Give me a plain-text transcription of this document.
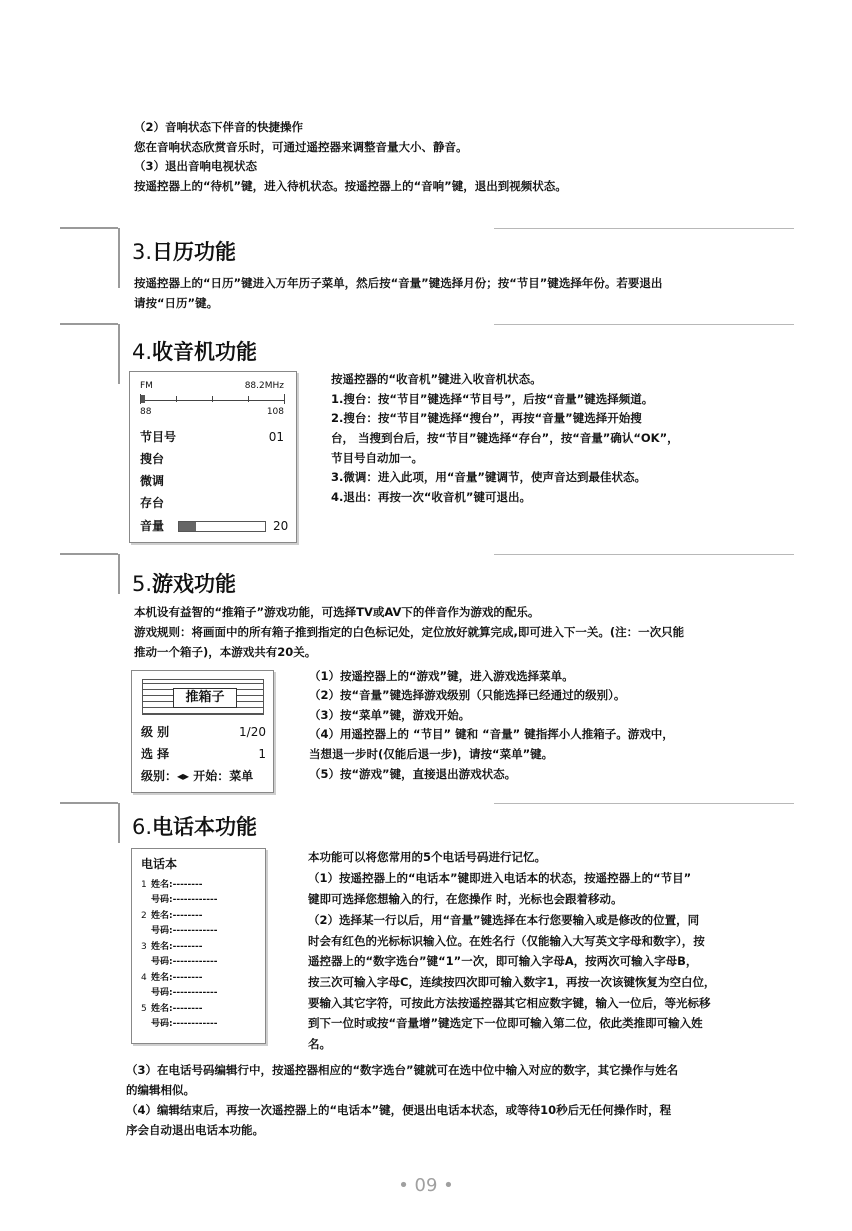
（2）音响状态下伴音的快捷操作
您在音响状态欣赏音乐时，可通过遥控器来调整音量大小、静音。
（3）退出音响电视状态
按遥控器上的“待机”键，进入待机状态。按遥控器上的“音响”键，退出到视频状态。
3.日历功能
按遥控器上的“日历”键进入万年历子菜单，然后按“音量”键选择月份；按“节目”键选择年份。若要退出
请按“日历”键。
4.收音机功能
FM	88.2MHz
88	108
节目号	01
搜台
微调
存台
音量	20
按遥控器的“收音机”键进入收音机状态。
1.搜台：按“节目”键选择“节目号”，后按“音量”键选择频道。
2.搜台：按“节目”键选择“搜台”，再按“音量”键选择开始搜
台， 当搜到台后，按“节目”键选择“存台”，按“音量”确认“OK”，
节目号自动加一。
3.微调：进入此项，用“音量”键调节，使声音达到最佳状态。
4.退出：再按一次“收音机”键可退出。
5.游戏功能
本机设有益智的“推箱子”游戏功能，可选择TV或AV下的伴音作为游戏的配乐。
游戏规则：将画面中的所有箱子推到指定的白色标记处，定位放好就算完成,即可进入下一关。(注：一次只能
推动一个箱子)，本游戏共有20关。
推箱子
级 别	1/20
选 择	1
级别：◂▸ 开始：菜单
（1）按遥控器上的“游戏”键，进入游戏选择菜单。
（2）按“音量”键选择游戏级别（只能选择已经通过的级别）。
（3）按“菜单”键，游戏开始。
（4）用遥控器上的 “节目” 键和 “音量” 键指挥小人推箱子。游戏中，
当想退一步时(仅能后退一步)，请按“菜单”键。
（5）按“游戏”键，直接退出游戏状态。
6.电话本功能
电话本
1 姓名:--------
号码:------------
2 姓名:--------
号码:------------
3 姓名:--------
号码:------------
4 姓名:--------
号码:------------
5 姓名:--------
号码:------------
本功能可以将您常用的5个电话号码进行记忆。
（1）按遥控器上的“电话本”键即进入电话本的状态，按遥控器上的“节目”
键即可选择您想输入的行，在您操作 时，光标也会跟着移动。
（2）选择某一行以后，用“音量”键选择在本行您要输入或是修改的位置，同
时会有红色的光标标识输入位。在姓名行（仅能输入大写英文字母和数字），按
遥控器上的“数字选台”键“1”一次，即可输入字母A，按两次可输入字母B，
按三次可输入字母C，连续按四次即可输入数字1，再按一次该键恢复为空白位，
要输入其它字符，可按此方法按遥控器其它相应数字键，输入一位后，等光标移
到下一位时或按“音量增”键选定下一位即可输入第二位，依此类推即可输入姓
名。
（3）在电话号码编辑行中，按遥控器相应的“数字选台”键就可在选中位中输入对应的数字，其它操作与姓名
的编辑相似。
（4）编辑结束后，再按一次遥控器上的“电话本”键，便退出电话本状态，或等待10秒后无任何操作时，程
序会自动退出电话本功能。
• 09 •
